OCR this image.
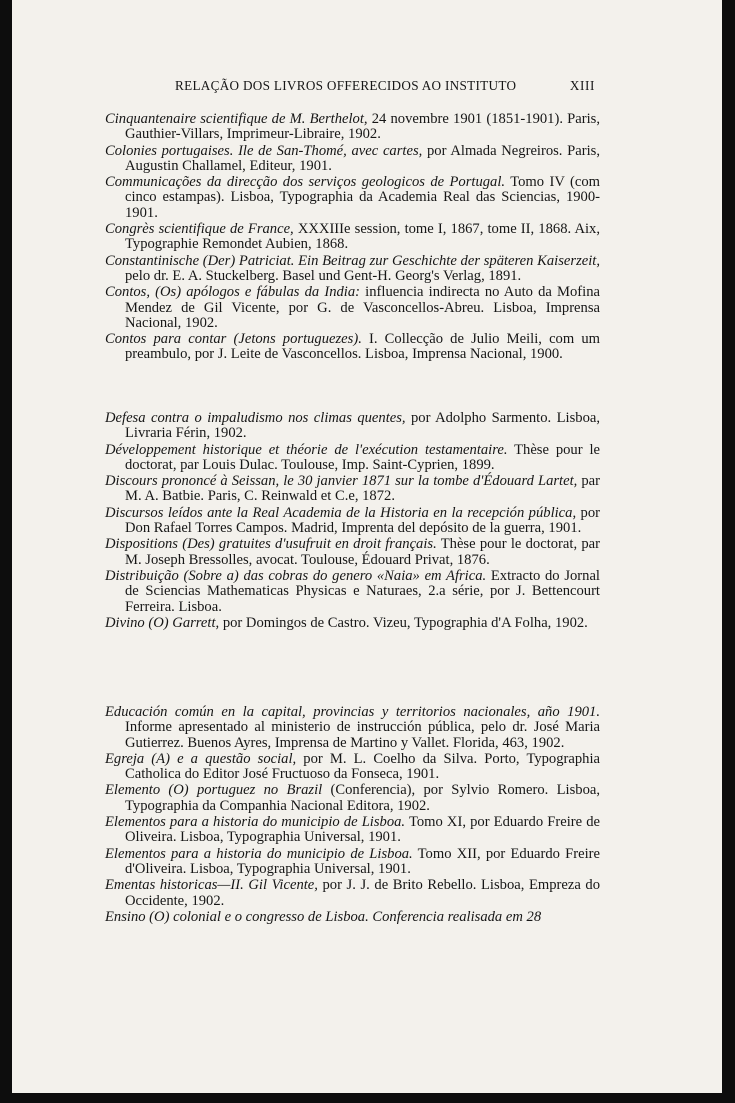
RELAÇÃO DOS LIVROS OFFERECIDOS AO INSTITUTO	XIII

Cinquantenaire scientifique de M. Berthelot, 24 novembre 1901 (1851-1901). Paris, Gauthier-Villars, Imprimeur-Libraire, 1902.

Colonies portugaises. Ile de San-Thomé, avec cartes, por Almada Negreiros. Paris, Augustin Challamel, Editeur, 1901.

Communicações da direcção dos serviços geologicos de Portugal. Tomo IV (com cinco estampas). Lisboa, Typographia da Academia Real das Sciencias, 1900-1901.

Congrès scientifique de France, XXXIIIe session, tome I, 1867, tome II, 1868. Aix, Typographie Remondet Aubien, 1868.

Constantinische (Der) Patriciat. Ein Beitrag zur Geschichte der späteren Kaiserzeit, pelo dr. E. A. Stuckelberg. Basel und Gent-H. Georg's Verlag, 1891.

Contos, (Os) apólogos e fábulas da India: influencia indirecta no Auto da Mofina Mendez de Gil Vicente, por G. de Vasconcellos-Abreu. Lisboa, Imprensa Nacional, 1902.

Contos para contar (Jetons portuguezes). I. Collecção de Julio Meili, com um preambulo, por J. Leite de Vasconcellos. Lisboa, Imprensa Nacional, 1900.

Defesa contra o impaludismo nos climas quentes, por Adolpho Sarmento. Lisboa, Livraria Férin, 1902.

Développement historique et théorie de l'exécution testamentaire. Thèse pour le doctorat, par Louis Dulac. Toulouse, Imp. Saint-Cyprien, 1899.

Discours prononcé à Seissan, le 30 janvier 1871 sur la tombe d'Édouard Lartet, par M. A. Batbie. Paris, C. Reinwald et C.e, 1872.

Discursos leídos ante la Real Academia de la Historia en la recepción pública, por Don Rafael Torres Campos. Madrid, Imprenta del depósito de la guerra, 1901.

Dispositions (Des) gratuites d'usufruit en droit français. Thèse pour le doctorat, par M. Joseph Bressolles, avocat. Toulouse, Édouard Privat, 1876.

Distribuição (Sobre a) das cobras do genero «Naia» em Africa. Extracto do Jornal de Sciencias Mathematicas Physicas e Naturaes, 2.a série, por J. Bettencourt Ferreira. Lisboa.

Divino (O) Garrett, por Domingos de Castro. Vizeu, Typographia d'A Folha, 1902.

Educación común en la capital, provincias y territorios nacionales, año 1901. Informe apresentado al ministerio de instrucción pública, pelo dr. José Maria Gutierrez. Buenos Ayres, Imprensa de Martino y Vallet. Florida, 463, 1902.

Egreja (A) e a questão social, por M. L. Coelho da Silva. Porto, Typographia Catholica do Editor José Fructuoso da Fonseca, 1901.

Elemento (O) portuguez no Brazil (Conferencia), por Sylvio Romero. Lisboa, Typographia da Companhia Nacional Editora, 1902.

Elementos para a historia do municipio de Lisboa. Tomo XI, por Eduardo Freire de Oliveira. Lisboa, Typographia Universal, 1901.

Elementos para a historia do municipio de Lisboa. Tomo XII, por Eduardo Freire d'Oliveira. Lisboa, Typographia Universal, 1901.

Ementas historicas—II. Gil Vicente, por J. J. de Brito Rebello. Lisboa, Empreza do Occidente, 1902.

Ensino (O) colonial e o congresso de Lisboa. Conferencia realisada em 28
